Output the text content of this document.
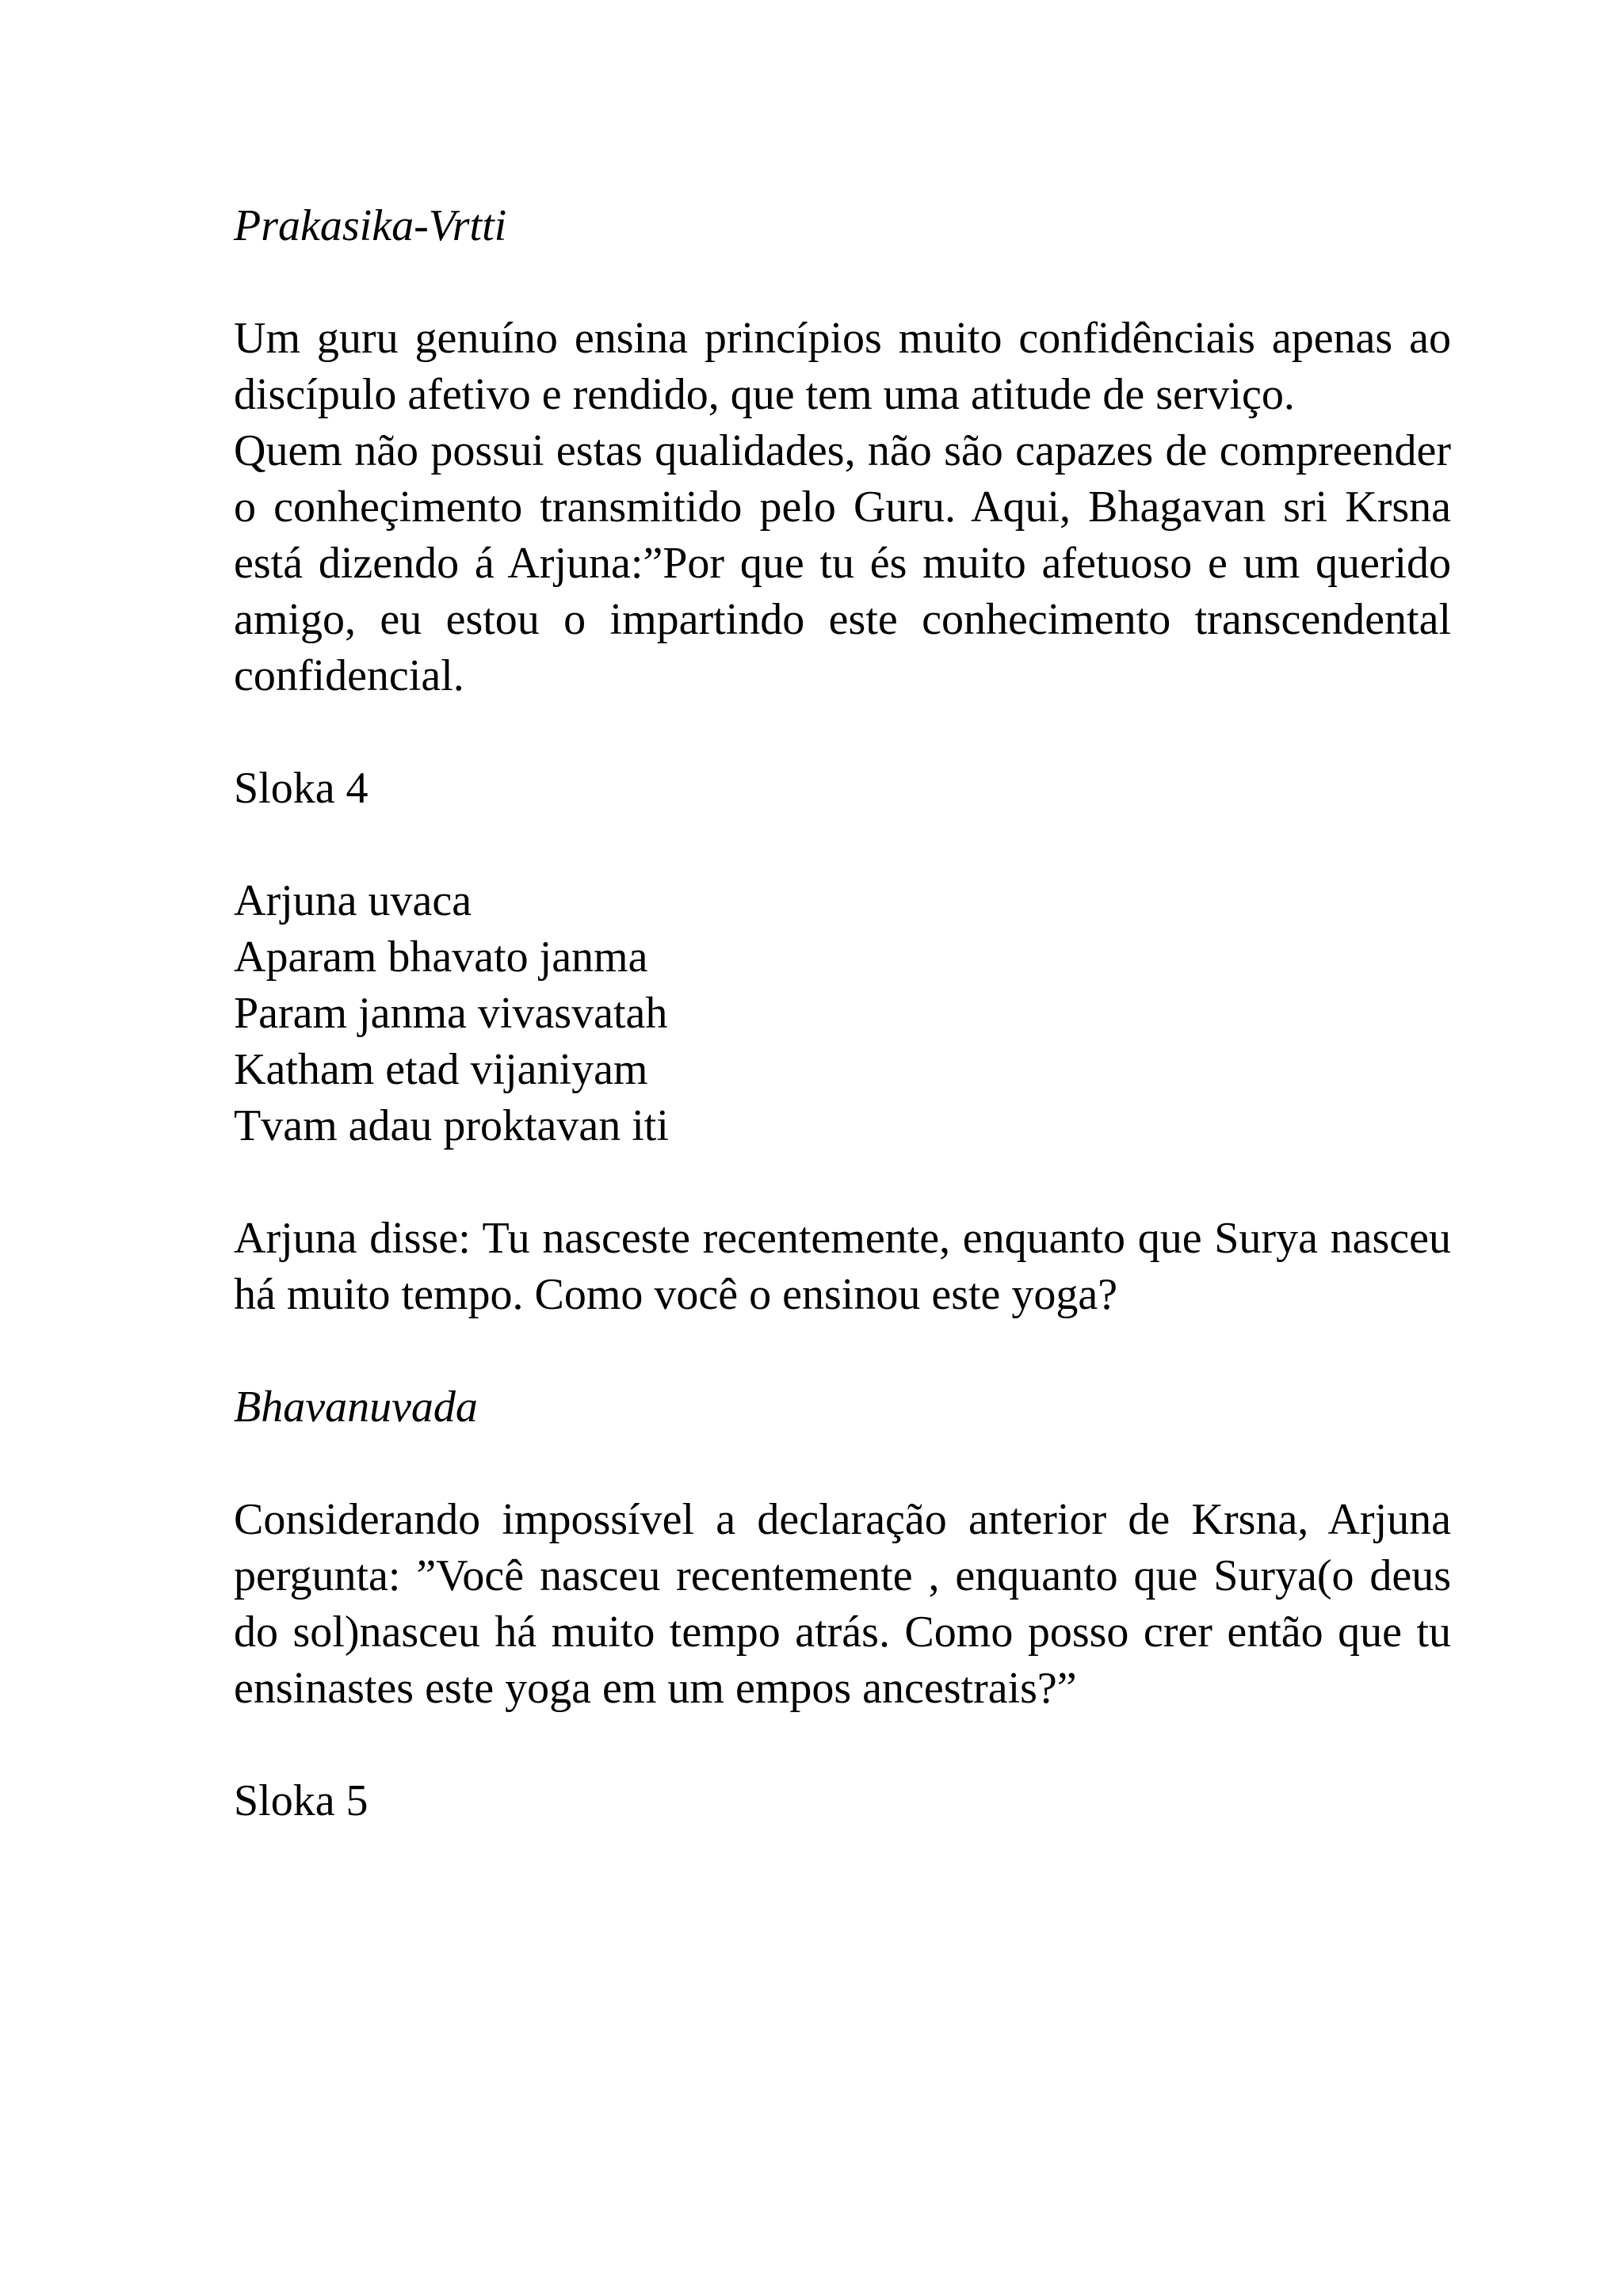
Prakasika-Vrtti

Um guru genuíno ensina princípios muito confidênciais apenas ao discípulo afetivo e rendido, que tem uma atitude de serviço.

Quem não possui estas qualidades, não são capazes de compreender o conheçimento transmitido pelo Guru. Aqui, Bhagavan sri Krsna está dizendo á Arjuna:”Por que tu és muito afetuoso e um querido amigo, eu estou o impartindo este conhecimento transcendental confidencial.

Sloka 4

Arjuna uvaca
Aparam bhavato janma
Param janma vivasvatah
Katham etad vijaniyam
Tvam adau proktavan iti

Arjuna disse: Tu nasceste recentemente, enquanto que Surya nasceu há muito tempo. Como você o ensinou este yoga?

Bhavanuvada

Considerando impossível a declaração anterior de Krsna, Arjuna pergunta: ”Você nasceu recentemente , enquanto que Surya(o deus do sol)nasceu há muito tempo atrás. Como posso crer então que tu ensinastes este yoga em um empos ancestrais?”

Sloka 5
